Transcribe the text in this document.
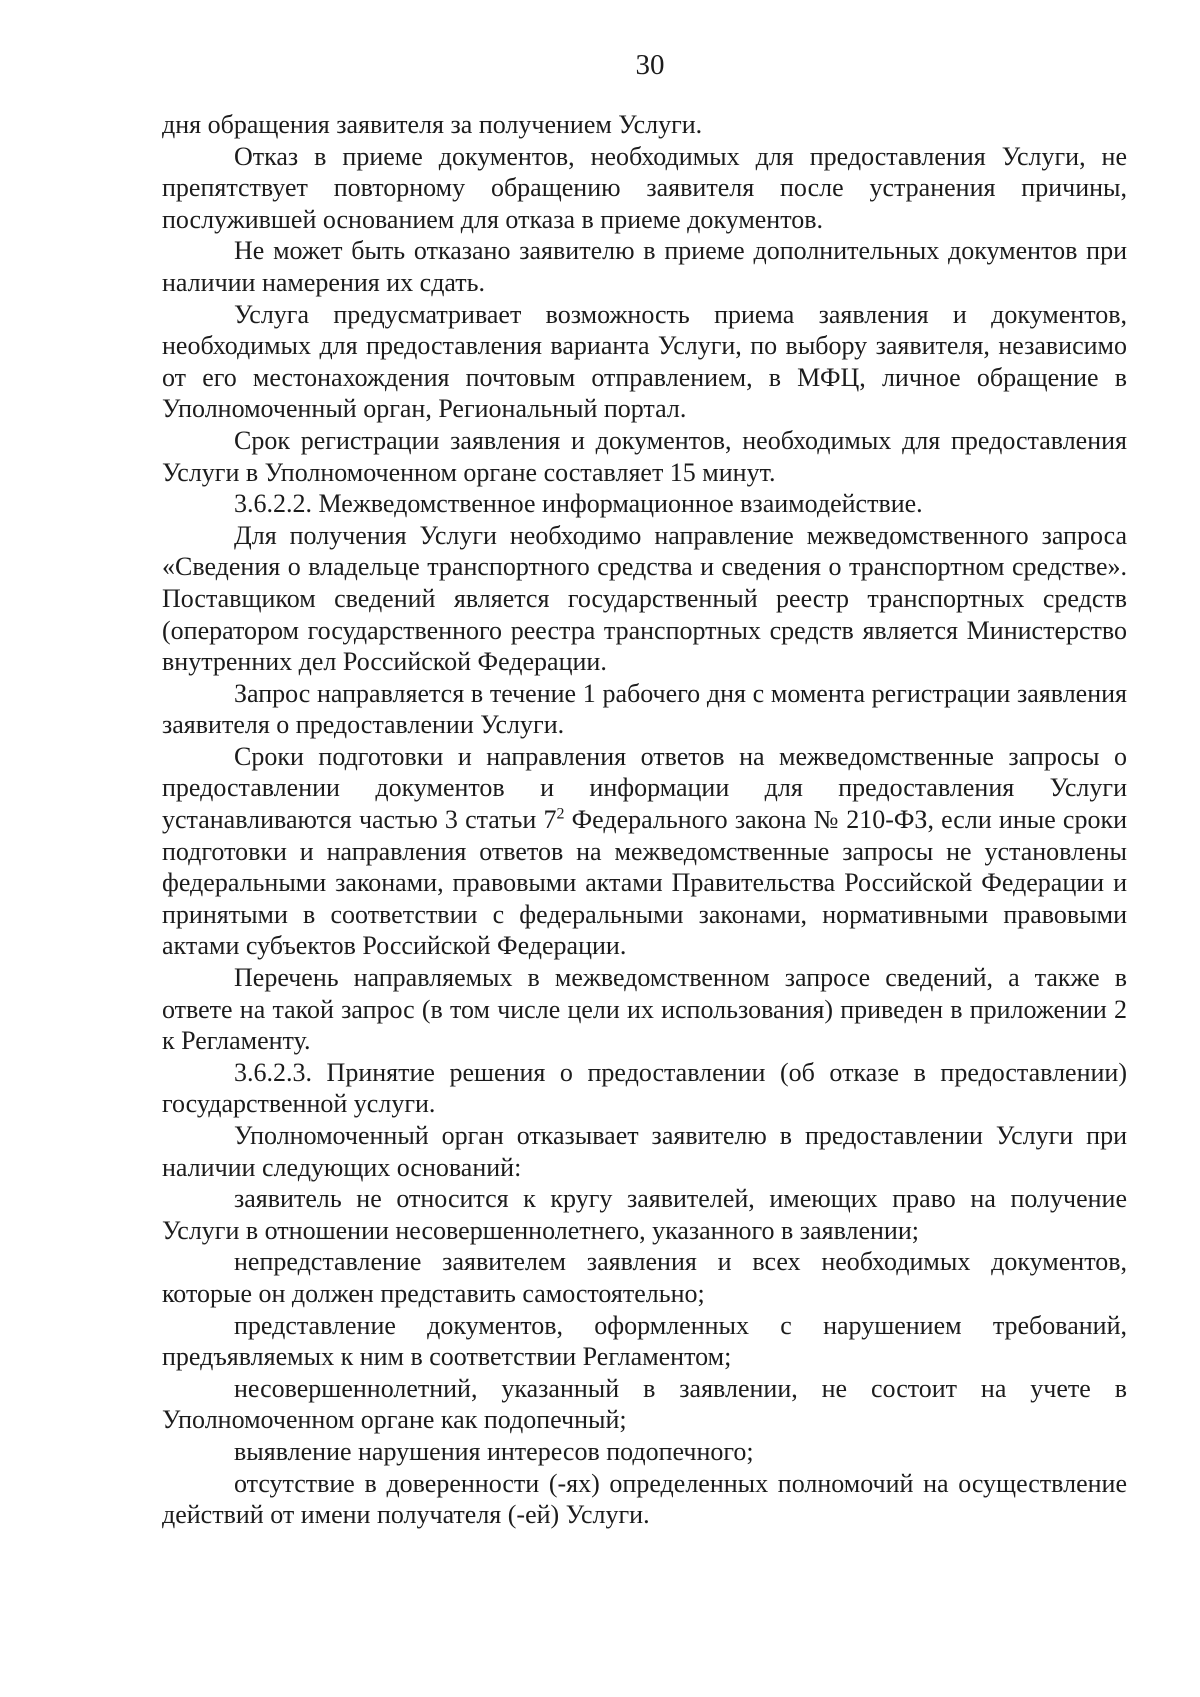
30

дня обращения заявителя за получением Услуги.

Отказ в приеме документов, необходимых для предоставления Услуги, не препятствует повторному обращению заявителя после устранения причины, послужившей основанием для отказа в приеме документов.

Не может быть отказано заявителю в приеме дополнительных документов при наличии намерения их сдать.

Услуга предусматривает возможность приема заявления и документов, необходимых для предоставления варианта Услуги, по выбору заявителя, независимо от его местонахождения почтовым отправлением, в МФЦ, личное обращение в Уполномоченный орган, Региональный портал.

Срок регистрации заявления и документов, необходимых для предоставления Услуги в Уполномоченном органе составляет 15 минут.

3.6.2.2. Межведомственное информационное взаимодействие.

Для получения Услуги необходимо направление межведомственного запроса «Сведения о владельце транспортного средства и сведения о транспортном средстве». Поставщиком сведений является государственный реестр транспортных средств (оператором государственного реестра транспортных средств является Министерство внутренних дел Российской Федерации.

Запрос направляется в течение 1 рабочего дня с момента регистрации заявления заявителя о предоставлении Услуги.

Сроки подготовки и направления ответов на межведомственные запросы о предоставлении документов и информации для предоставления Услуги устанавливаются частью 3 статьи $7^2$ Федерального закона № 210-ФЗ, если иные сроки подготовки и направления ответов на межведомственные запросы не установлены федеральными законами, правовыми актами Правительства Российской Федерации и принятыми в соответствии с федеральными законами, нормативными правовыми актами субъектов Российской Федерации.

Перечень направляемых в межведомственном запросе сведений, а также в ответе на такой запрос (в том числе цели их использования) приведен в приложении 2 к Регламенту.

3.6.2.3. Принятие решения о предоставлении (об отказе в предоставлении) государственной услуги.

Уполномоченный орган отказывает заявителю в предоставлении Услуги при наличии следующих оснований:

заявитель не относится к кругу заявителей, имеющих право на получение Услуги в отношении несовершеннолетнего, указанного в заявлении;

непредставление заявителем заявления и всех необходимых документов, которые он должен представить самостоятельно;

представление документов, оформленных с нарушением требований, предъявляемых к ним в соответствии Регламентом;

несовершеннолетний, указанный в заявлении, не состоит на учете в Уполномоченном органе как подопечный;

выявление нарушения интересов подопечного;

отсутствие в доверенности (-ях) определенных полномочий на осуществление действий от имени получателя (-ей) Услуги.
